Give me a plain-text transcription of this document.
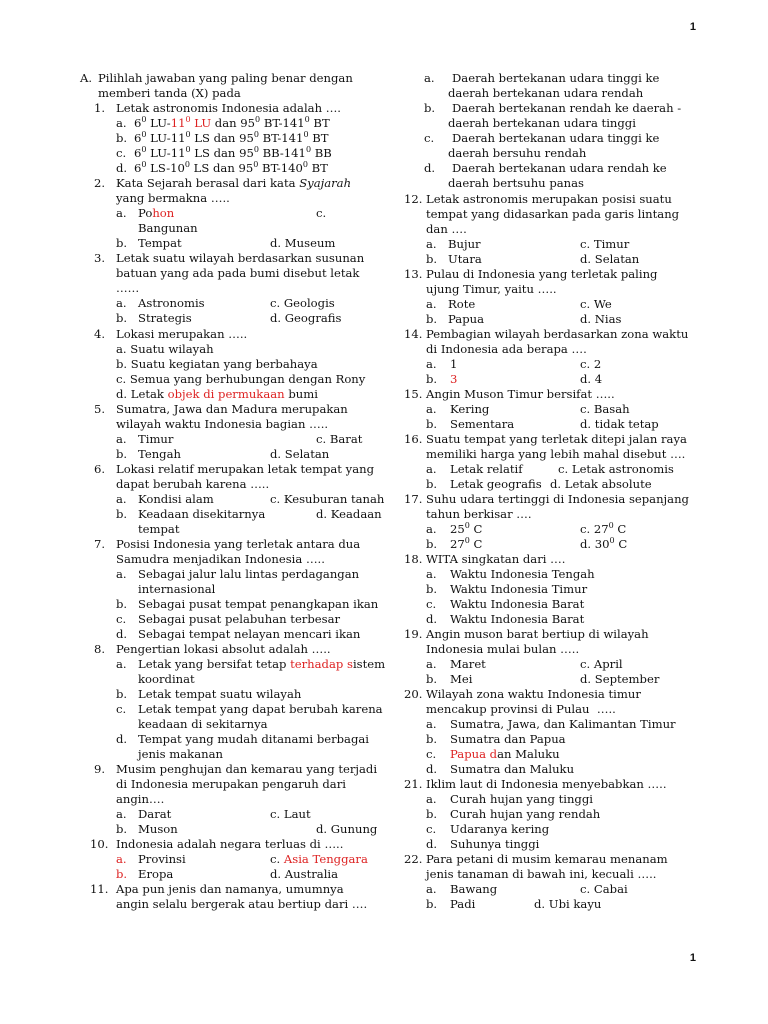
1
1
A. Pilihlah jawaban yang paling benar dengan
memberi tanda (X) pada
1. Letak astronomis Indonesia adalah ….
a. $6^0$ $LU-11^0$ LU dan $95^0$ $BT-141^0$ BT
b. $6^0$ $LU-11^0$ LS dan $95^0$ $BT-141^0$ BT
c. $6^0$ $LU-11^0$ LS dan $95^0$ $BB-141^0$ BB
d. $6^0$ $LS-10^0$ LS dan $95^0$ $BT-140^0$ BT
2. Kata Sejarah berasal dari kata Syajarah
yang bermakna …..
a. Pohon	c.
Bangunan
b. Tempat	d. Museum
3. Letak suatu wilayah berdasarkan susunan
batuan yang ada pada bumi disebut letak
……
a. Astronomis	c. Geologis
b. Strategis	d. Geografis
4. Lokasi merupakan …..
a. Suatu wilayah
b. Suatu kegiatan yang berbahaya
c. Semua yang berhubungan dengan Rony
d. Letak objek di permukaan bumi
5. Sumatra, Jawa dan Madura merupakan
wilayah waktu Indonesia bagian …..
a. Timur	c. Barat
b. Tengah	d. Selatan
6. Lokasi relatif merupakan letak tempat yang
dapat berubah karena …..
a. Kondisi alam	c. Kesuburan tanah
b. Keadaan disekitarnya	d. Keadaan
tempat
7. Posisi Indonesia yang terletak antara dua
Samudra menjadikan Indonesia …..
a. Sebagai jalur lalu lintas perdagangan
internasional
b. Sebagai pusat tempat penangkapan ikan
c. Sebagai pusat pelabuhan terbesar
d. Sebagai tempat nelayan mencari ikan
8. Pengertian lokasi absolut adalah …..
a. Letak yang bersifat tetap terhadap sistem
koordinat
b. Letak tempat suatu wilayah
c. Letak tempat yang dapat berubah karena
keadaan di sekitarnya
d. Tempat yang mudah ditanami berbagai
jenis makanan
9. Musim penghujan dan kemarau yang terjadi
di Indonesia merupakan pengaruh dari
angin….
a. Darat	c. Laut
b. Muson	d. Gunung
10. Indonesia adalah negara terluas di …..
a. Provinsi	c. Asia Tenggara
b. Eropa	d. Australia
11. Apa pun jenis dan namanya, umumnya
angin selalu bergerak atau bertiup dari ….
a. Daerah bertekanan udara tinggi ke
daerah bertekanan udara rendah
b. Daerah bertekanan rendah ke daerah -
daerah bertekanan udara tinggi
c. Daerah bertekanan udara tinggi ke
daerah bersuhu rendah
d. Daerah bertekanan udara rendah ke
daerah bertsuhu panas
12. Letak astronomis merupakan posisi suatu
tempat yang didasarkan pada garis lintang
dan ….
a. Bujur	c. Timur
b. Utara	d. Selatan
13. Pulau di Indonesia yang terletak paling
ujung Timur, yaitu …..
a. Rote	c. We
b. Papua	d. Nias
14. Pembagian wilayah berdasarkan zona waktu
di Indonesia ada berapa ….
a. 1	c. 2
b. 3	d. 4
15. Angin Muson Timur bersifat …..
a. Kering	c. Basah
b. Sementara	d. tidak tetap
16. Suatu tempat yang terletak ditepi jalan raya
memiliki harga yang lebih mahal disebut ….
a. Letak relatif	c. Letak astronomis
b. Letak geografis d. Letak absolute
17. Suhu udara tertinggi di Indonesia sepanjang
tahun berkisar ….
a. $25^0$ C	c. $27^0$ C
b. $27^0$ C	d. $30^0$ C
18. WITA singkatan dari ….
a. Waktu Indonesia Tengah
b. Waktu Indonesia Timur
c. Waktu Indonesia Barat
d. Waktu Indonesia Barat
19. Angin muson barat bertiup di wilayah
Indonesia mulai bulan …..
a. Maret	c. April
b. Mei	d. September
20. Wilayah zona waktu Indonesia timur
mencakup provinsi di Pulau  …..
a. Sumatra, Jawa, dan Kalimantan Timur
b. Sumatra dan Papua
c. Papua dan Maluku
d. Sumatra dan Maluku
21. Iklim laut di Indonesia menyebabkan …..
a. Curah hujan yang tinggi
b. Curah hujan yang rendah
c. Udaranya kering
d. Suhunya tinggi
22. Para petani di musim kemarau menanam
jenis tanaman di bawah ini, kecuali …..
a. Bawang	c. Cabai
b. Padi	d. Ubi kayu
